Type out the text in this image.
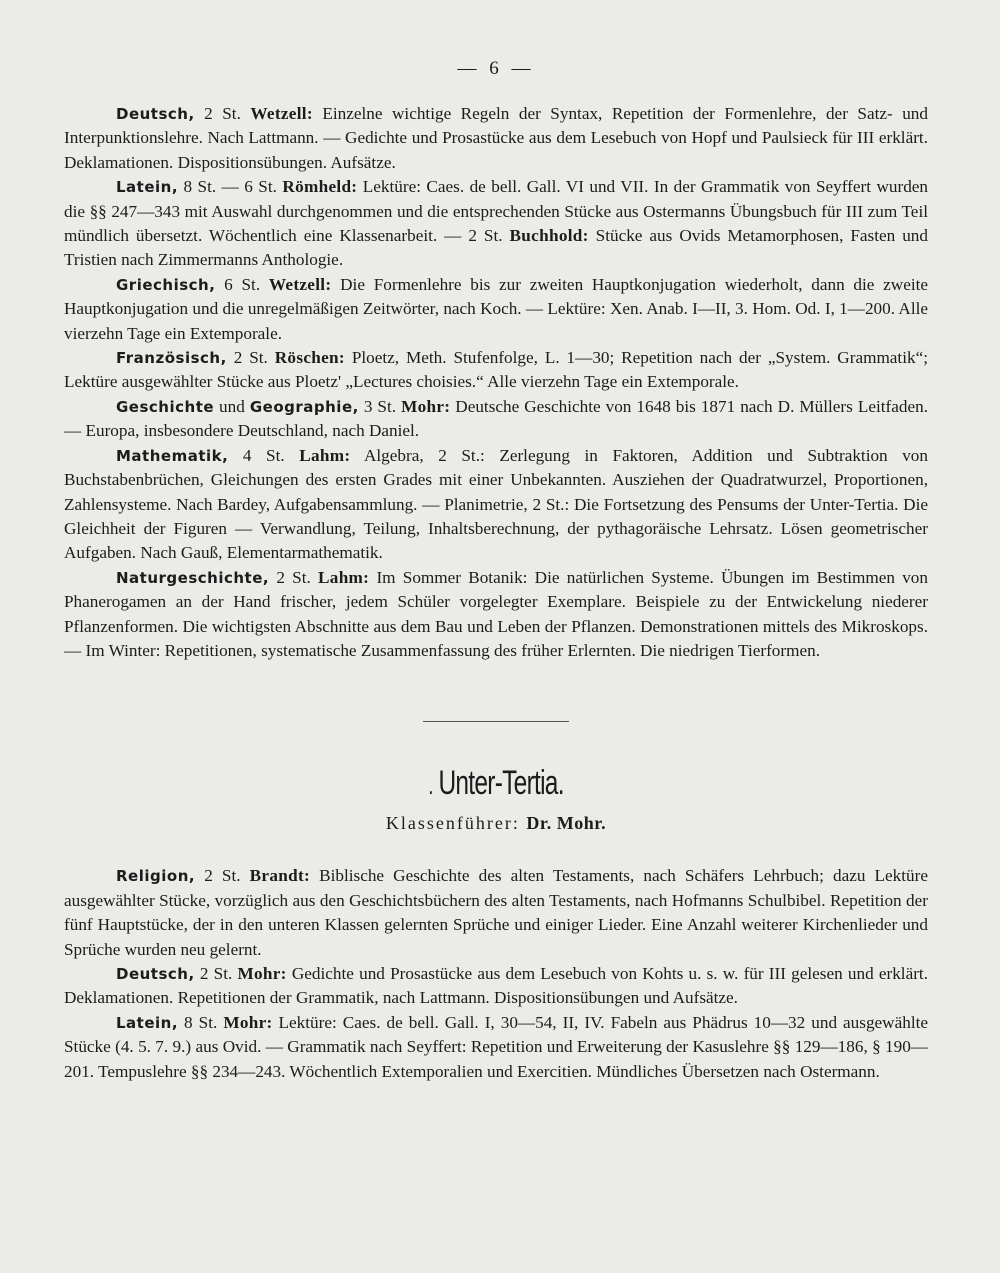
— 6 —

Deutsch, 2 St. Wetzell: Einzelne wichtige Regeln der Syntax, Repetition der Formenlehre, der Satz- und Interpunktionslehre. Nach Lattmann. — Gedichte und Prosastücke aus dem Lesebuch von Hopf und Paulsieck für III erklärt. Deklamationen. Dispositionsübungen. Aufsätze.

Latein, 8 St. — 6 St. Römheld: Lektüre: Caes. de bell. Gall. VI und VII. In der Grammatik von Seyffert wurden die §§ 247—343 mit Auswahl durchgenommen und die entsprechenden Stücke aus Ostermanns Übungsbuch für III zum Teil mündlich übersetzt. Wöchentlich eine Klassenarbeit. — 2 St. Buchhold: Stücke aus Ovids Metamorphosen, Fasten und Tristien nach Zimmermanns Anthologie.

Griechisch, 6 St. Wetzell: Die Formenlehre bis zur zweiten Hauptkonjugation wiederholt, dann die zweite Hauptkonjugation und die unregelmäßigen Zeitwörter, nach Koch. — Lektüre: Xen. Anab. I—II, 3. Hom. Od. I, 1—200. Alle vierzehn Tage ein Extemporale.

Französisch, 2 St. Röschen: Ploetz, Meth. Stufenfolge, L. 1—30; Repetition nach der „System. Grammatik“; Lektüre ausgewählter Stücke aus Ploetz' „Lectures choisies.“ Alle vierzehn Tage ein Extemporale.

Geschichte und Geographie, 3 St. Mohr: Deutsche Geschichte von 1648 bis 1871 nach D. Müllers Leitfaden. — Europa, insbesondere Deutschland, nach Daniel.

Mathematik, 4 St. Lahm: Algebra, 2 St.: Zerlegung in Faktoren, Addition und Subtraktion von Buchstabenbrüchen, Gleichungen des ersten Grades mit einer Unbekannten. Ausziehen der Quadratwurzel, Proportionen, Zahlensysteme. Nach Bardey, Aufgabensammlung. — Planimetrie, 2 St.: Die Fortsetzung des Pensums der Unter-Tertia. Die Gleichheit der Figuren — Verwandlung, Teilung, Inhaltsberechnung, der pythagoräische Lehrsatz. Lösen geometrischer Aufgaben. Nach Gauß, Elementarmathematik.

Naturgeschichte, 2 St. Lahm: Im Sommer Botanik: Die natürlichen Systeme. Übungen im Bestimmen von Phanerogamen an der Hand frischer, jedem Schüler vorgelegter Exemplare. Beispiele zu der Entwickelung niederer Pflanzenformen. Die wichtigsten Abschnitte aus dem Bau und Leben der Pflanzen. Demonstrationen mittels des Mikroskops. — Im Winter: Repetitionen, systematische Zusammenfassung des früher Erlernten. Die niedrigen Tierformen.

. Unter-Tertia.
Klassenführer: Dr. Mohr.

Religion, 2 St. Brandt: Biblische Geschichte des alten Testaments, nach Schäfers Lehrbuch; dazu Lektüre ausgewählter Stücke, vorzüglich aus den Geschichtsbüchern des alten Testaments, nach Hofmanns Schulbibel. Repetition der fünf Hauptstücke, der in den unteren Klassen gelernten Sprüche und einiger Lieder. Eine Anzahl weiterer Kirchenlieder und Sprüche wurden neu gelernt.

Deutsch, 2 St. Mohr: Gedichte und Prosastücke aus dem Lesebuch von Kohts u. s. w. für III gelesen und erklärt. Deklamationen. Repetitionen der Grammatik, nach Lattmann. Dispositionsübungen und Aufsätze.

Latein, 8 St. Mohr: Lektüre: Caes. de bell. Gall. I, 30—54, II, IV. Fabeln aus Phädrus 10—32 und ausgewählte Stücke (4. 5. 7. 9.) aus Ovid. — Grammatik nach Seyffert: Repetition und Erweiterung der Kasuslehre §§ 129—186, § 190—201. Tempuslehre §§ 234—243. Wöchentlich Extemporalien und Exercitien. Mündliches Übersetzen nach Ostermann.
